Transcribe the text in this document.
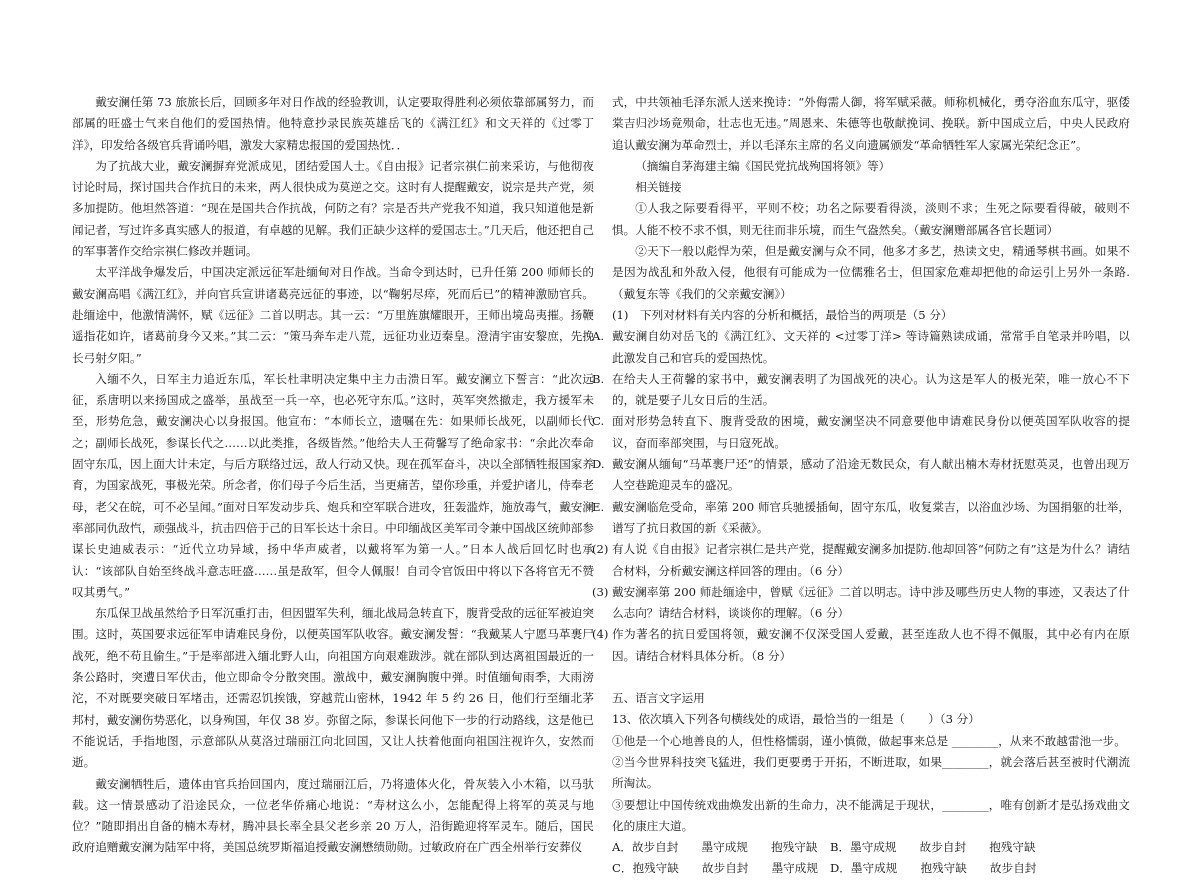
戴安澜任第 73 旅旅长后，回顾多年对日作战的经验教训，认定要取得胜利必须依靠部属努力，而部属的旺盛士气来自他们的爱国热情。他特意抄录民族英雄岳飞的《满江红》和文天祥的《过零丁洋》，印发给各级官兵背诵吟唱，激发大家精忠报国的爱国热忱．．

为了抗战大业，戴安澜摒弃党派成见，团结爱国人士。《自由报》记者宗祺仁前来采访，与他彻夜讨论时局，探讨国共合作抗日的未来，两人很快成为莫逆之交。这时有人提醒戴安，说宗是共产党，须多加提防。他坦然答道：“现在是国共合作抗战，何防之有？宗是否共产党我不知道，我只知道他是新闻记者，写过许多真实感人的报道，有卓越的见解。我们正缺少这样的爱国志士。”几天后，他还把自己的军事著作交给宗祺仁修改并题词。

太平洋战争爆发后，中国决定派远征军赴缅甸对日作战。当命令到达时，已升任第 200 师师长的戴安澜高唱《满江红》，并向官兵宣讲诸葛亮远征的事迹，以“鞠躬尽瘁，死而后已”的精神激励官兵。赴缅途中，他激情满怀，赋《远征》二首以明志。其一云：“万里旌旗耀眼开，王师出境岛夷摧。扬鞭遥指花如许，诸葛前身今又来。”其二云：“策马奔车走八荒，远征功业迈秦皇。澄清宇宙安黎庶，先挽长弓射夕阳。”

入缅不久，日军主力追近东瓜，军长杜聿明决定集中主力击溃日军。戴安澜立下誓言：“此次远征，系唐明以来扬国成之盛举，虽战至一兵一卒，也必死守东瓜。”这时，英军突然撤走，我方援军未至，形势危急，戴安澜决心以身报国。他宣布：“本师长立，遗嘱在先：如果师长战死，以副师长代之；副师长战死，参谋长代之……以此类推，各级皆然。”他给夫人王荷馨写了绝命家书：“余此次奉命固守东瓜，因上面大计未定，与后方联络过远，敌人行动又快。现在孤军奋斗，决以全部牺牲报国家养育，为国家战死，事极光荣。所念者，你们母子今后生活，当更痛苦，望你珍重，并爱护诸儿，侍奉老母，老父在皖，可不必呈闻。”面对日军发动步兵、炮兵和空军联合进攻，狂轰滥炸，施放毒气，戴安澜率部同仇敌忾，顽强战斗，抗击四倍于己的日军长达十余日。中印缅战区美军司令兼中国战区统帅部参谋长史迪威表示：“近代立功异域，扬中华声威者，以戴将军为第一人。”日本人战后回忆时也承认：“该部队自始至终战斗意志旺盛……虽是敌军，但令人佩服！自司令官饭田中将以下各将官无不赞叹其勇气。”

东瓜保卫战虽然给予日军沉重打击，但因盟军失利，缅北战局急转直下，腹背受敌的远征军被迫突围。这时，英国要求远征军申请难民身份，以便英国军队收容。戴安澜发誓：“我戴某人宁愿马革裹尸战死，绝不苟且偷生。”于是率部进入缅北野人山，向祖国方向艰难跋涉。就在部队到达离祖国最近的一条公路时，突遭日军伏击，他立即命令分散突围。激战中，戴安澜胸腹中弹。时值缅甸雨季，大雨滂沱，不对既要突破日军堵击，还需忍饥挨饿，穿越荒山密林，1942 年 5 约 26 日，他们行至缅北茅邦村，戴安澜伤势恶化，以身殉国，年仅 38 岁。弥留之际，参谋长问他下一步的行动路线，这是他已不能说话，手指地图，示意部队从莫洛过瑞丽江向北回国，又让人扶着他面向祖国注视许久，安然而逝。

戴安澜牺牲后，遗体由官兵抬回国内，度过瑞丽江后，乃将遗体火化，骨灰装入小木箱，以马驮载。这一情景感动了沿途民众，一位老华侨痛心地说：“寿材这么小，怎能配得上将军的英灵与地位？”随即捐出自备的楠木寿材，腾冲县长率全县父老乡亲 20 万人，沿街跪迎将军灵车。随后，国民政府追赠戴安澜为陆军中将，美国总统罗斯福追授戴安澜懋绩勋勋。过敏政府在广西全州举行安葬仪

式，中共领袖毛泽东派人送来挽诗：“外侮需人御，将军赋采薇。师称机械化，勇夺浴血东瓜守，驱倭棠吉归沙场竟殒命，壮志也无违。”周恩来、朱德等也敬献挽词、挽联。新中国成立后，中央人民政府追认戴安澜为革命烈士，并以毛泽东主席的名义向遗属颁发“革命牺牲军人家属光荣纪念正”。

（摘编自茅海建主编《国民党抗战殉国将领》等）

相关链接

①人我之际要看得平，平则不校；功名之际要看得淡，淡则不求；生死之际要看得破，破则不惧。人能不校不求不惧，则无往而非乐境，而生气盎然矣。（戴安澜赠部属各官长题词）

②天下一般以彪悍为荣，但是戴安澜与众不同，他多才多艺，热读文史，精通琴棋书画。如果不是因为战乱和外敌入侵，他很有可能成为一位儒雅名士，但国家危难却把他的命运引上另外一条路.（戴复东等《我们的父亲戴安澜》）

(1)　下列对材料有关内容的分析和概括，最恰当的两项是（5 分）

A. 戴安澜自幼对岳飞的《满江红》、文天祥的 <过零丁洋> 等诗篇熟读成诵，常常手自笔录并吟唱，以此激发自己和官兵的爱国热忱。

B. 在给夫人王荷馨的家书中，戴安澜表明了为国战死的决心。认为这是军人的极光荣，唯一放心不下的，就是要子儿女日后的生活。

C. 面对形势急转直下、腹背受敌的困境，戴安澜坚决不同意要他申请难民身份以便英国军队收容的提议，奋而率部突围，与日寇死战。

D. 戴安澜从缅甸“马革裹尸还”的情景，感动了沿途无数民众，有人献出楠木寿材抚慰英灵，也曾出现万人空巷跪迎灵车的盛况。

E. 戴安澜临危受命，率第 200 师官兵驰援插甸，固守东瓜，收复棠吉，以浴血沙场、为国捐躯的壮举，谱写了抗日救国的新《采薇》。

(2) 有人说《自由报》记者宗祺仁是共产党，提醒戴安澜多加提防.他却回答“何防之有”这是为什么？请结合材料，分析戴安澜这样回答的理由。（6 分）

(3) 戴安澜率第 200 师赴缅途中，曾赋《远征》二首以明志。诗中涉及哪些历史人物的事迹，又表达了什么志向？请结合材料，谈谈你的理解。（6 分）

(4) 作为著名的抗日爱国将领，戴安澜不仅深受国人爱戴，甚至连敌人也不得不佩服，其中必有内在原因。请结合材料具体分析。（8 分）

五、语言文字运用

13、依次填入下列各句横线处的成语，最恰当的一组是（　　）（3 分）

①他是一个心地善良的人，但性格懦弱，谨小慎微，做起事来总是 ________，从来不敢越雷池一步。

②当今世界科技突飞猛进，我们更要勇于开拓，不断进取，如果________，就会落后甚至被时代潮流所淘汰。

③要想让中国传统戏曲焕发出新的生命力，决不能满足于现状，________，唯有创新才是弘扬戏曲文化的康庄大道。

A．故步自封　　墨守成规　　抱残守缺	B．墨守成规　　故步自封　　抱残守缺
C．抱残守缺　　故步自封　　墨守成规	D．墨守成规　　抱残守缺　　故步自封
